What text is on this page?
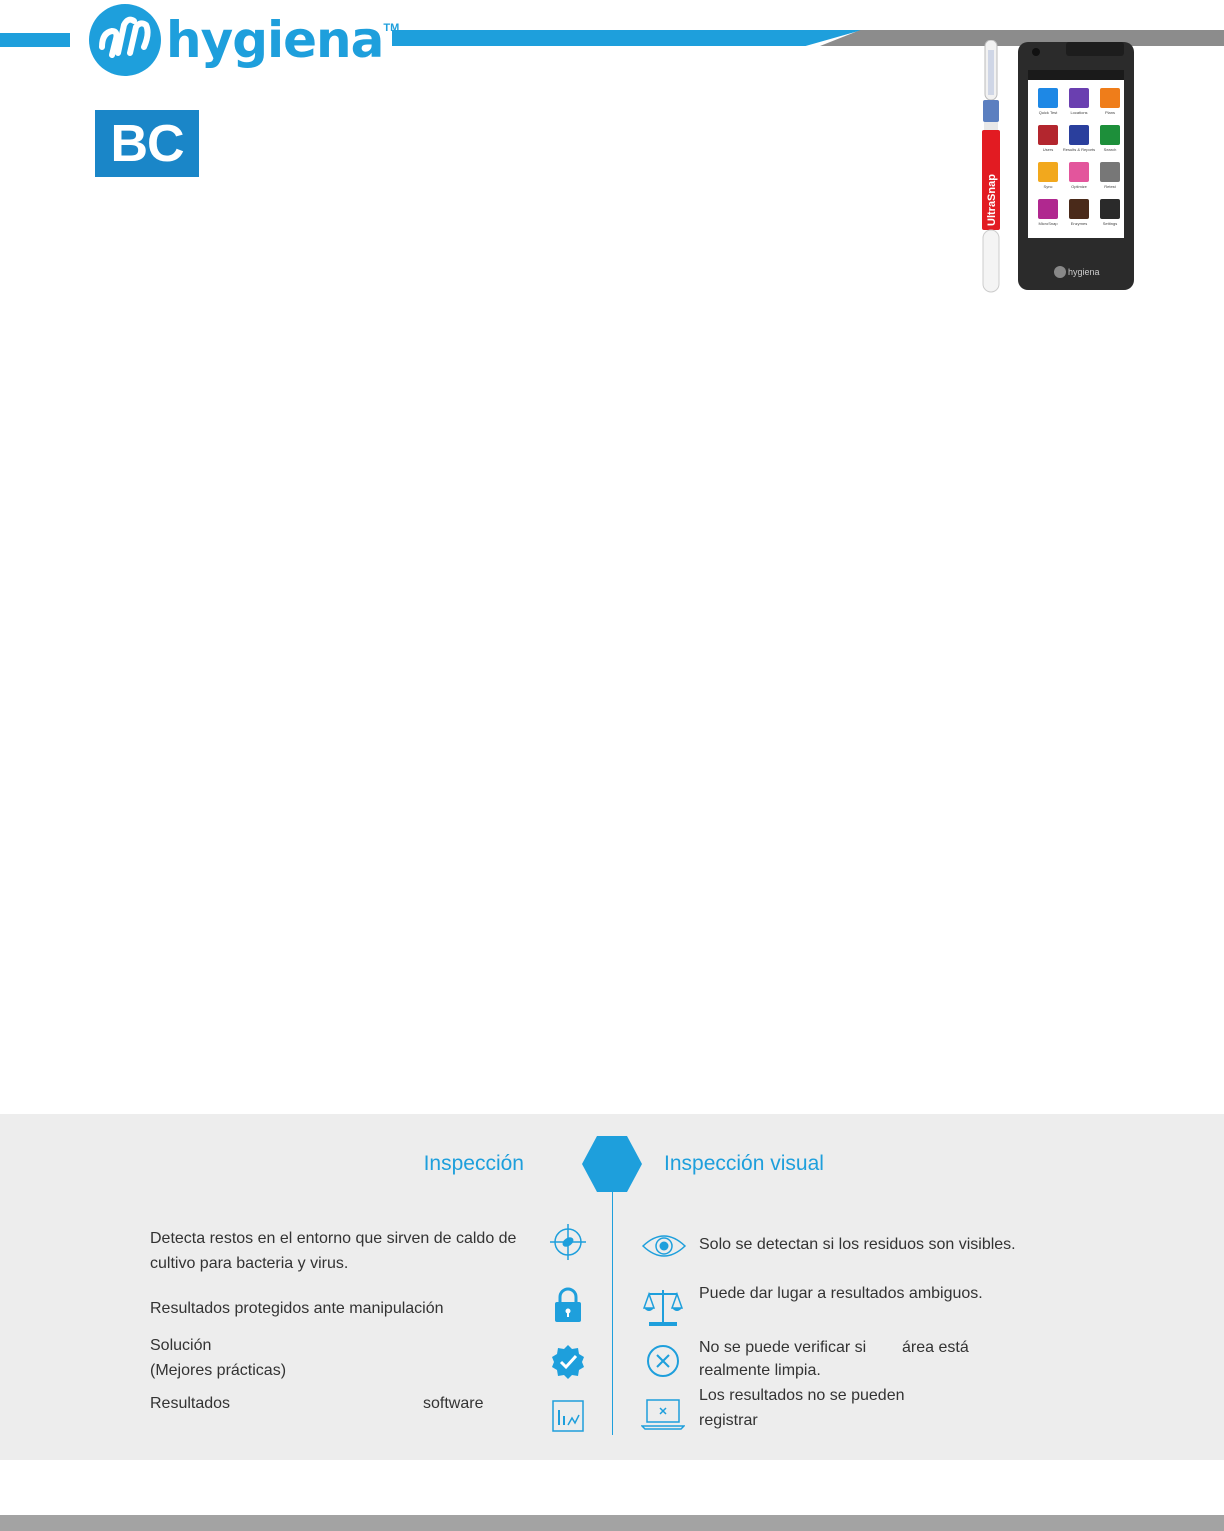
hygiena TM
BC
UltraSnap
Quick Test	Locations	Plans
Users Results & Reports Search
Sync	Optimize	Retest
MicroSnap	Enzymes	Settings
hygiena
Inspección	Inspección visual
Detecta restos en el entorno que sirven de caldo de cultivo para bacteria y virus.
Resultados protegidos ante manipulación
Solución
(Mejores prácticas)
Resultados	software
Solo se detectan si los residuos son visibles.
Puede dar lugar a resultados ambiguos.
No se puede verificar si área está
realmente limpia.
Los resultados no se pueden
registrar
